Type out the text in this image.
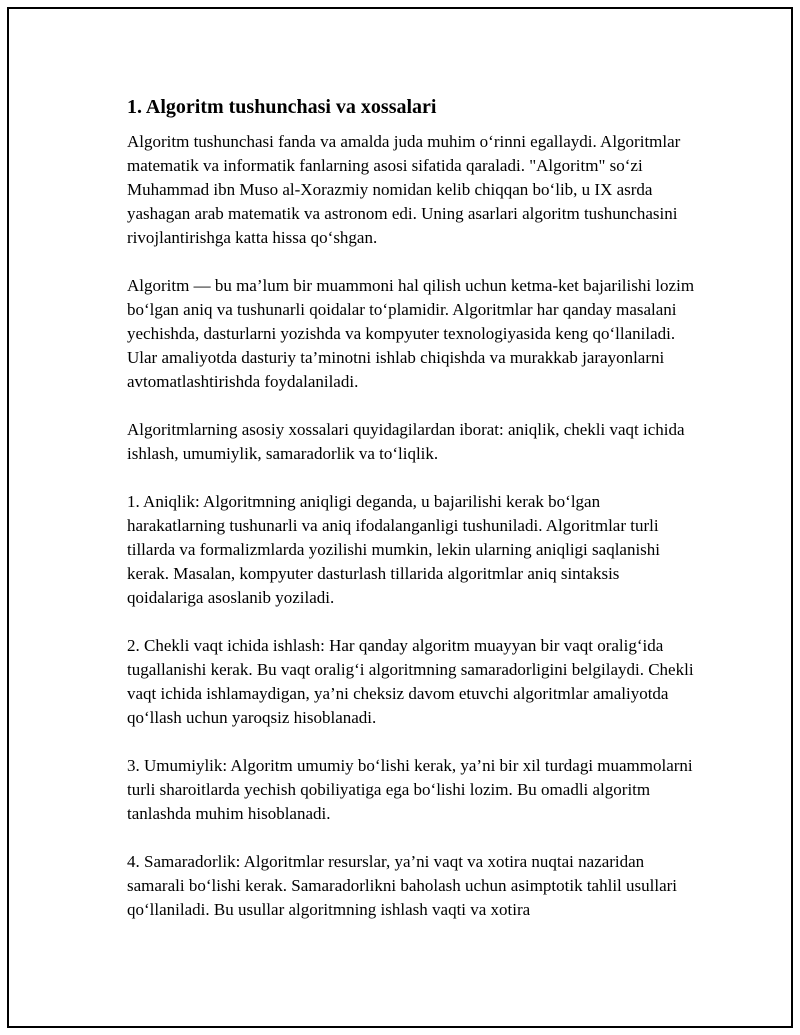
1. Algoritm tushunchasi va xossalari

Algoritm tushunchasi fanda va amalda juda muhim o‘rinni egallaydi. Algoritmlar matematik va informatik fanlarning asosi sifatida qaraladi. "Algoritm" so‘zi Muhammad ibn Muso al-Xorazmiy nomidan kelib chiqqan bo‘lib, u IX asrda yashagan arab matematik va astronom edi. Uning asarlari algoritm tushunchasini rivojlantirishga katta hissa qo‘shgan.

Algoritm — bu ma’lum bir muammoni hal qilish uchun ketma-ket bajarilishi lozim bo‘lgan aniq va tushunarli qoidalar to‘plamidir. Algoritmlar har qanday masalani yechishda, dasturlarni yozishda va kompyuter texnologiyasida keng qo‘llaniladi. Ular amaliyotda dasturiy ta’minotni ishlab chiqishda va murakkab jarayonlarni avtomatlashtirishda foydalaniladi.

Algoritmlarning asosiy xossalari quyidagilardan iborat: aniqlik, chekli vaqt ichida ishlash, umumiylik, samaradorlik va to‘liqlik.

1. Aniqlik: Algoritmning aniqligi deganda, u bajarilishi kerak bo‘lgan harakatlarning tushunarli va aniq ifodalanganligi tushuniladi. Algoritmlar turli tillarda va formalizmlarda yozilishi mumkin, lekin ularning aniqligi saqlanishi kerak. Masalan, kompyuter dasturlash tillarida algoritmlar aniq sintaksis qoidalariga asoslanib yoziladi.

2. Chekli vaqt ichida ishlash: Har qanday algoritm muayyan bir vaqt oralig‘ida tugallanishi kerak. Bu vaqt oralig‘i algoritmning samaradorligini belgilaydi. Chekli vaqt ichida ishlamaydigan, ya’ni cheksiz davom etuvchi algoritmlar amaliyotda qo‘llash uchun yaroqsiz hisoblanadi.

3. Umumiylik: Algoritm umumiy bo‘lishi kerak, ya’ni bir xil turdagi muammolarni turli sharoitlarda yechish qobiliyatiga ega bo‘lishi lozim. Bu omadli algoritm tanlashda muhim hisoblanadi.

4. Samaradorlik: Algoritmlar resurslar, ya’ni vaqt va xotira nuqtai nazaridan samarali bo‘lishi kerak. Samaradorlikni baholash uchun asimptotik tahlil usullari qo‘llaniladi. Bu usullar algoritmning ishlash vaqti va xotira
